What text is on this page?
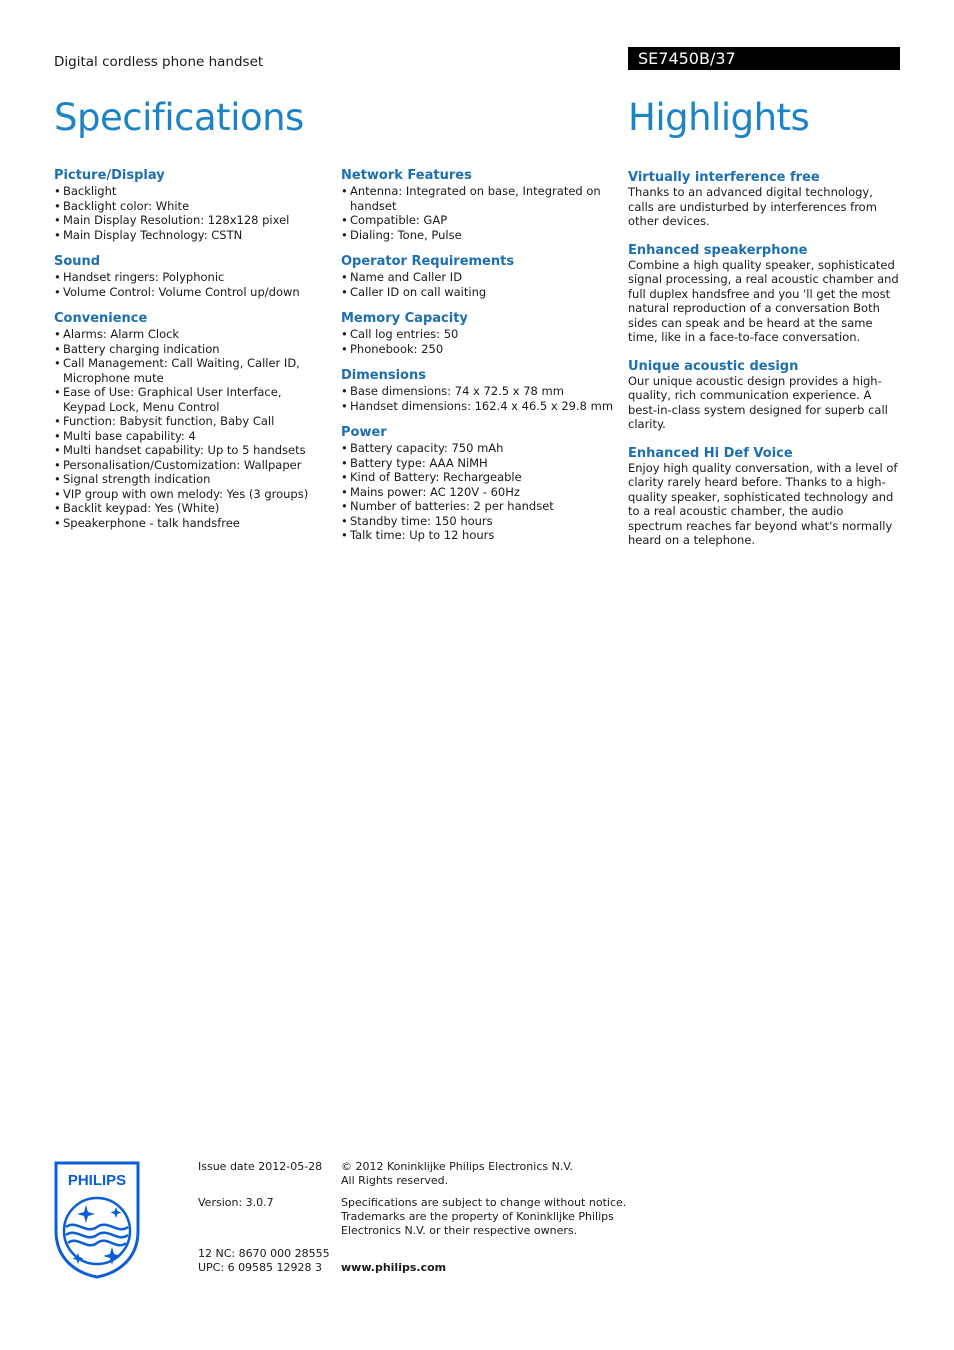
Digital cordless phone handset	SE7450B/37
Specifications	Highlights
Picture/Display
• Backlight
• Backlight color: White
• Main Display Resolution: 128x128 pixel
• Main Display Technology: CSTN
Sound
• Handset ringers: Polyphonic
• Volume Control: Volume Control up/down
Convenience
• Alarms: Alarm Clock
• Battery charging indication
• Call Management: Call Waiting, Caller ID, Microphone mute
• Ease of Use: Graphical User Interface, Keypad Lock, Menu Control
• Function: Babysit function, Baby Call
• Multi base capability: 4
• Multi handset capability: Up to 5 handsets
• Personalisation/Customization: Wallpaper
• Signal strength indication
• VIP group with own melody: Yes (3 groups)
• Backlit keypad: Yes (White)
• Speakerphone - talk handsfree
Network Features
• Antenna: Integrated on base, Integrated on handset
• Compatible: GAP
• Dialing: Tone, Pulse
Operator Requirements
• Name and Caller ID
• Caller ID on call waiting
Memory Capacity
• Call log entries: 50
• Phonebook: 250
Dimensions
• Base dimensions: 74 x 72.5 x 78 mm
• Handset dimensions: 162.4 x 46.5 x 29.8 mm
Power
• Battery capacity: 750 mAh
• Battery type: AAA NiMH
• Kind of Battery: Rechargeable
• Mains power: AC 120V - 60Hz
• Number of batteries: 2 per handset
• Standby time: 150 hours
• Talk time: Up to 12 hours
Virtually interference free
Thanks to an advanced digital technology, calls are undisturbed by interferences from other devices.
Enhanced speakerphone
Combine a high quality speaker, sophisticated signal processing, a real acoustic chamber and full duplex handsfree and you 'll get the most natural reproduction of a conversation Both sides can speak and be heard at the same time, like in a face-to-face conversation.
Unique acoustic design
Our unique acoustic design provides a high-quality, rich communication experience. A best-in-class system designed for superb call clarity.
Enhanced Hi Def Voice
Enjoy high quality conversation, with a level of clarity rarely heard before. Thanks to a high-quality speaker, sophisticated technology and to a real acoustic chamber, the audio spectrum reaches far beyond what's normally heard on a telephone.
PHILIPS
Issue date 2012-05-28
Version: 3.0.7
12 NC: 8670 000 28555
UPC: 6 09585 12928 3
© 2012 Koninklijke Philips Electronics N.V.
All Rights reserved.
Specifications are subject to change without notice.
Trademarks are the property of Koninklijke Philips
Electronics N.V. or their respective owners.
www.philips.com
